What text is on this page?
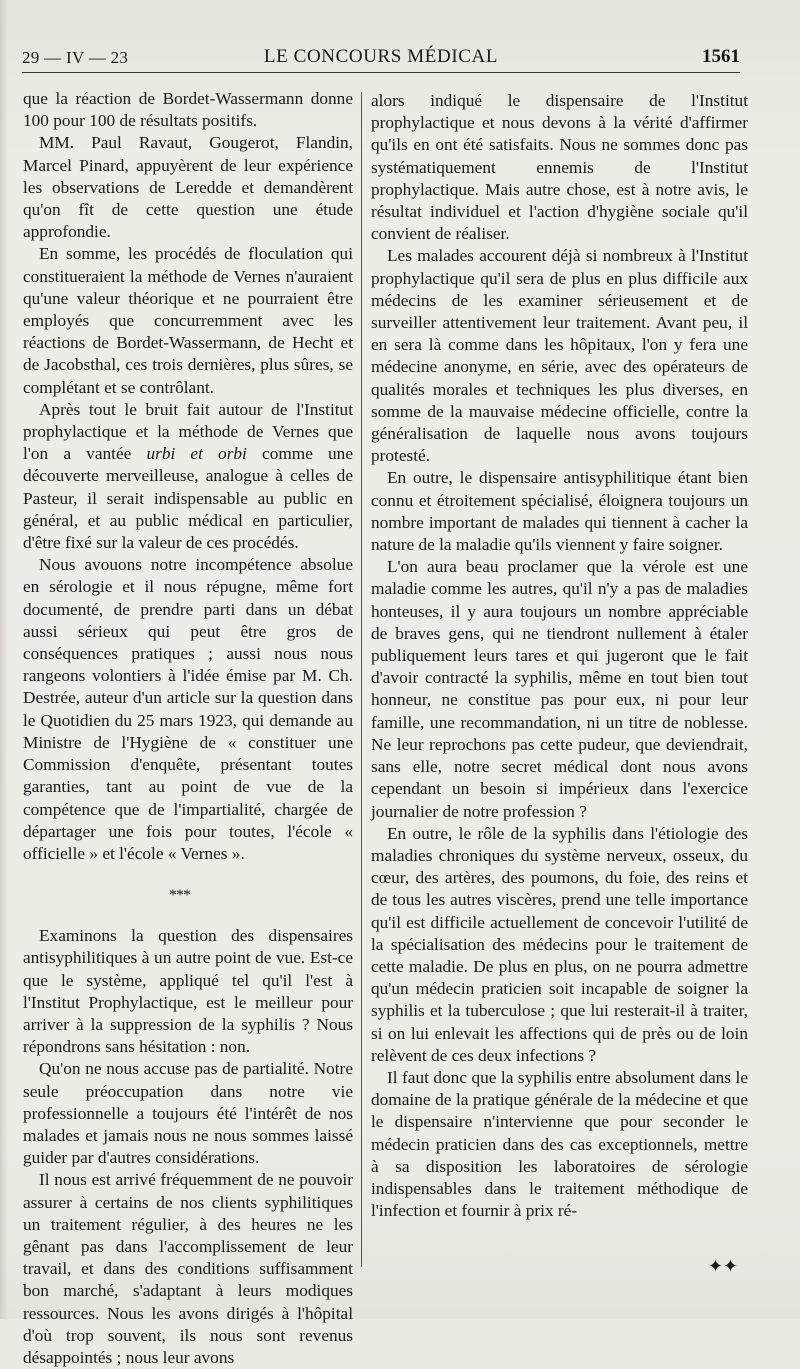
29 — IV — 23	LE CONCOURS MÉDICAL	1561

que la réaction de Bordet-Wassermann donne 100 pour 100 de résultats positifs.

MM. Paul Ravaut, Gougerot, Flandin, Marcel Pinard, appuyèrent de leur expérience les observations de Leredde et demandèrent qu'on fît de cette question une étude approfondie.

En somme, les procédés de floculation qui constitueraient la méthode de Vernes n'auraient qu'une valeur théorique et ne pourraient être employés que concurremment avec les réactions de Bordet-Wassermann, de Hecht et de Jacobsthal, ces trois dernières, plus sûres, se complétant et se contrôlant.

Après tout le bruit fait autour de l'Institut prophylactique et la méthode de Vernes que l'on a vantée urbi et orbi comme une découverte merveilleuse, analogue à celles de Pasteur, il serait indispensable au public en général, et au public médical en particulier, d'être fixé sur la valeur de ces procédés.

Nous avouons notre incompétence absolue en sérologie et il nous répugne, même fort documenté, de prendre parti dans un débat aussi sérieux qui peut être gros de conséquences pratiques ; aussi nous nous rangeons volontiers à l'idée émise par M. Ch. Destrée, auteur d'un article sur la question dans le Quotidien du 25 mars 1923, qui demande au Ministre de l'Hygiène de « constituer une Commission d'enquête, présentant toutes garanties, tant au point de vue de la compétence que de l'impartialité, chargée de départager une fois pour toutes, l'école « officielle » et l'école « Vernes ».

***

Examinons la question des dispensaires antisyphilitiques à un autre point de vue. Est-ce que le système, appliqué tel qu'il l'est à l'Institut Prophylactique, est le meilleur pour arriver à la suppression de la syphilis ? Nous répondrons sans hésitation : non.

Qu'on ne nous accuse pas de partialité. Notre seule préoccupation dans notre vie professionnelle a toujours été l'intérêt de nos malades et jamais nous ne nous sommes laissé guider par d'autres considérations.

Il nous est arrivé fréquemment de ne pouvoir assurer à certains de nos clients syphilitiques un traitement régulier, à des heures ne les gênant pas dans l'accomplissement de leur travail, et dans des conditions suffisamment bon marché, s'adaptant à leurs modiques ressources. Nous les avons dirigés à l'hôpital d'où trop souvent, ils nous sont revenus désappointés ; nous leur avons

alors indiqué le dispensaire de l'Institut prophylactique et nous devons à la vérité d'affirmer qu'ils en ont été satisfaits. Nous ne sommes donc pas systématiquement ennemis de l'Institut prophylactique. Mais autre chose, est à notre avis, le résultat individuel et l'action d'hygiène sociale qu'il convient de réaliser.

Les malades accourent déjà si nombreux à l'Institut prophylactique qu'il sera de plus en plus difficile aux médecins de les examiner sérieusement et de surveiller attentivement leur traitement. Avant peu, il en sera là comme dans les hôpitaux, l'on y fera une médecine anonyme, en série, avec des opérateurs de qualités morales et techniques les plus diverses, en somme de la mauvaise médecine officielle, contre la généralisation de laquelle nous avons toujours protesté.

En outre, le dispensaire antisyphilitique étant bien connu et étroitement spécialisé, éloignera toujours un nombre important de malades qui tiennent à cacher la nature de la maladie qu'ils viennent y faire soigner.

L'on aura beau proclamer que la vérole est une maladie comme les autres, qu'il n'y a pas de maladies honteuses, il y aura toujours un nombre appréciable de braves gens, qui ne tiendront nullement à étaler publiquement leurs tares et qui jugeront que le fait d'avoir contracté la syphilis, même en tout bien tout honneur, ne constitue pas pour eux, ni pour leur famille, une recommandation, ni un titre de noblesse. Ne leur reprochons pas cette pudeur, que deviendrait, sans elle, notre secret médical dont nous avons cependant un besoin si impérieux dans l'exercice journalier de notre profession ?

En outre, le rôle de la syphilis dans l'étiologie des maladies chroniques du système nerveux, osseux, du cœur, des artères, des poumons, du foie, des reins et de tous les autres viscères, prend une telle importance qu'il est difficile actuellement de concevoir l'utilité de la spécialisation des médecins pour le traitement de cette maladie. De plus en plus, on ne pourra admettre qu'un médecin praticien soit incapable de soigner la syphilis et la tuberculose ; que lui resterait-il à traiter, si on lui enlevait les affections qui de près ou de loin relèvent de ces deux infections ?

Il faut donc que la syphilis entre absolument dans le domaine de la pratique générale de la médecine et que le dispensaire n'intervienne que pour seconder le médecin praticien dans des cas exceptionnels, mettre à sa disposition les laboratoires de sérologie indispensables dans le traitement méthodique de l'infection et fournir à prix ré-

✦✦
